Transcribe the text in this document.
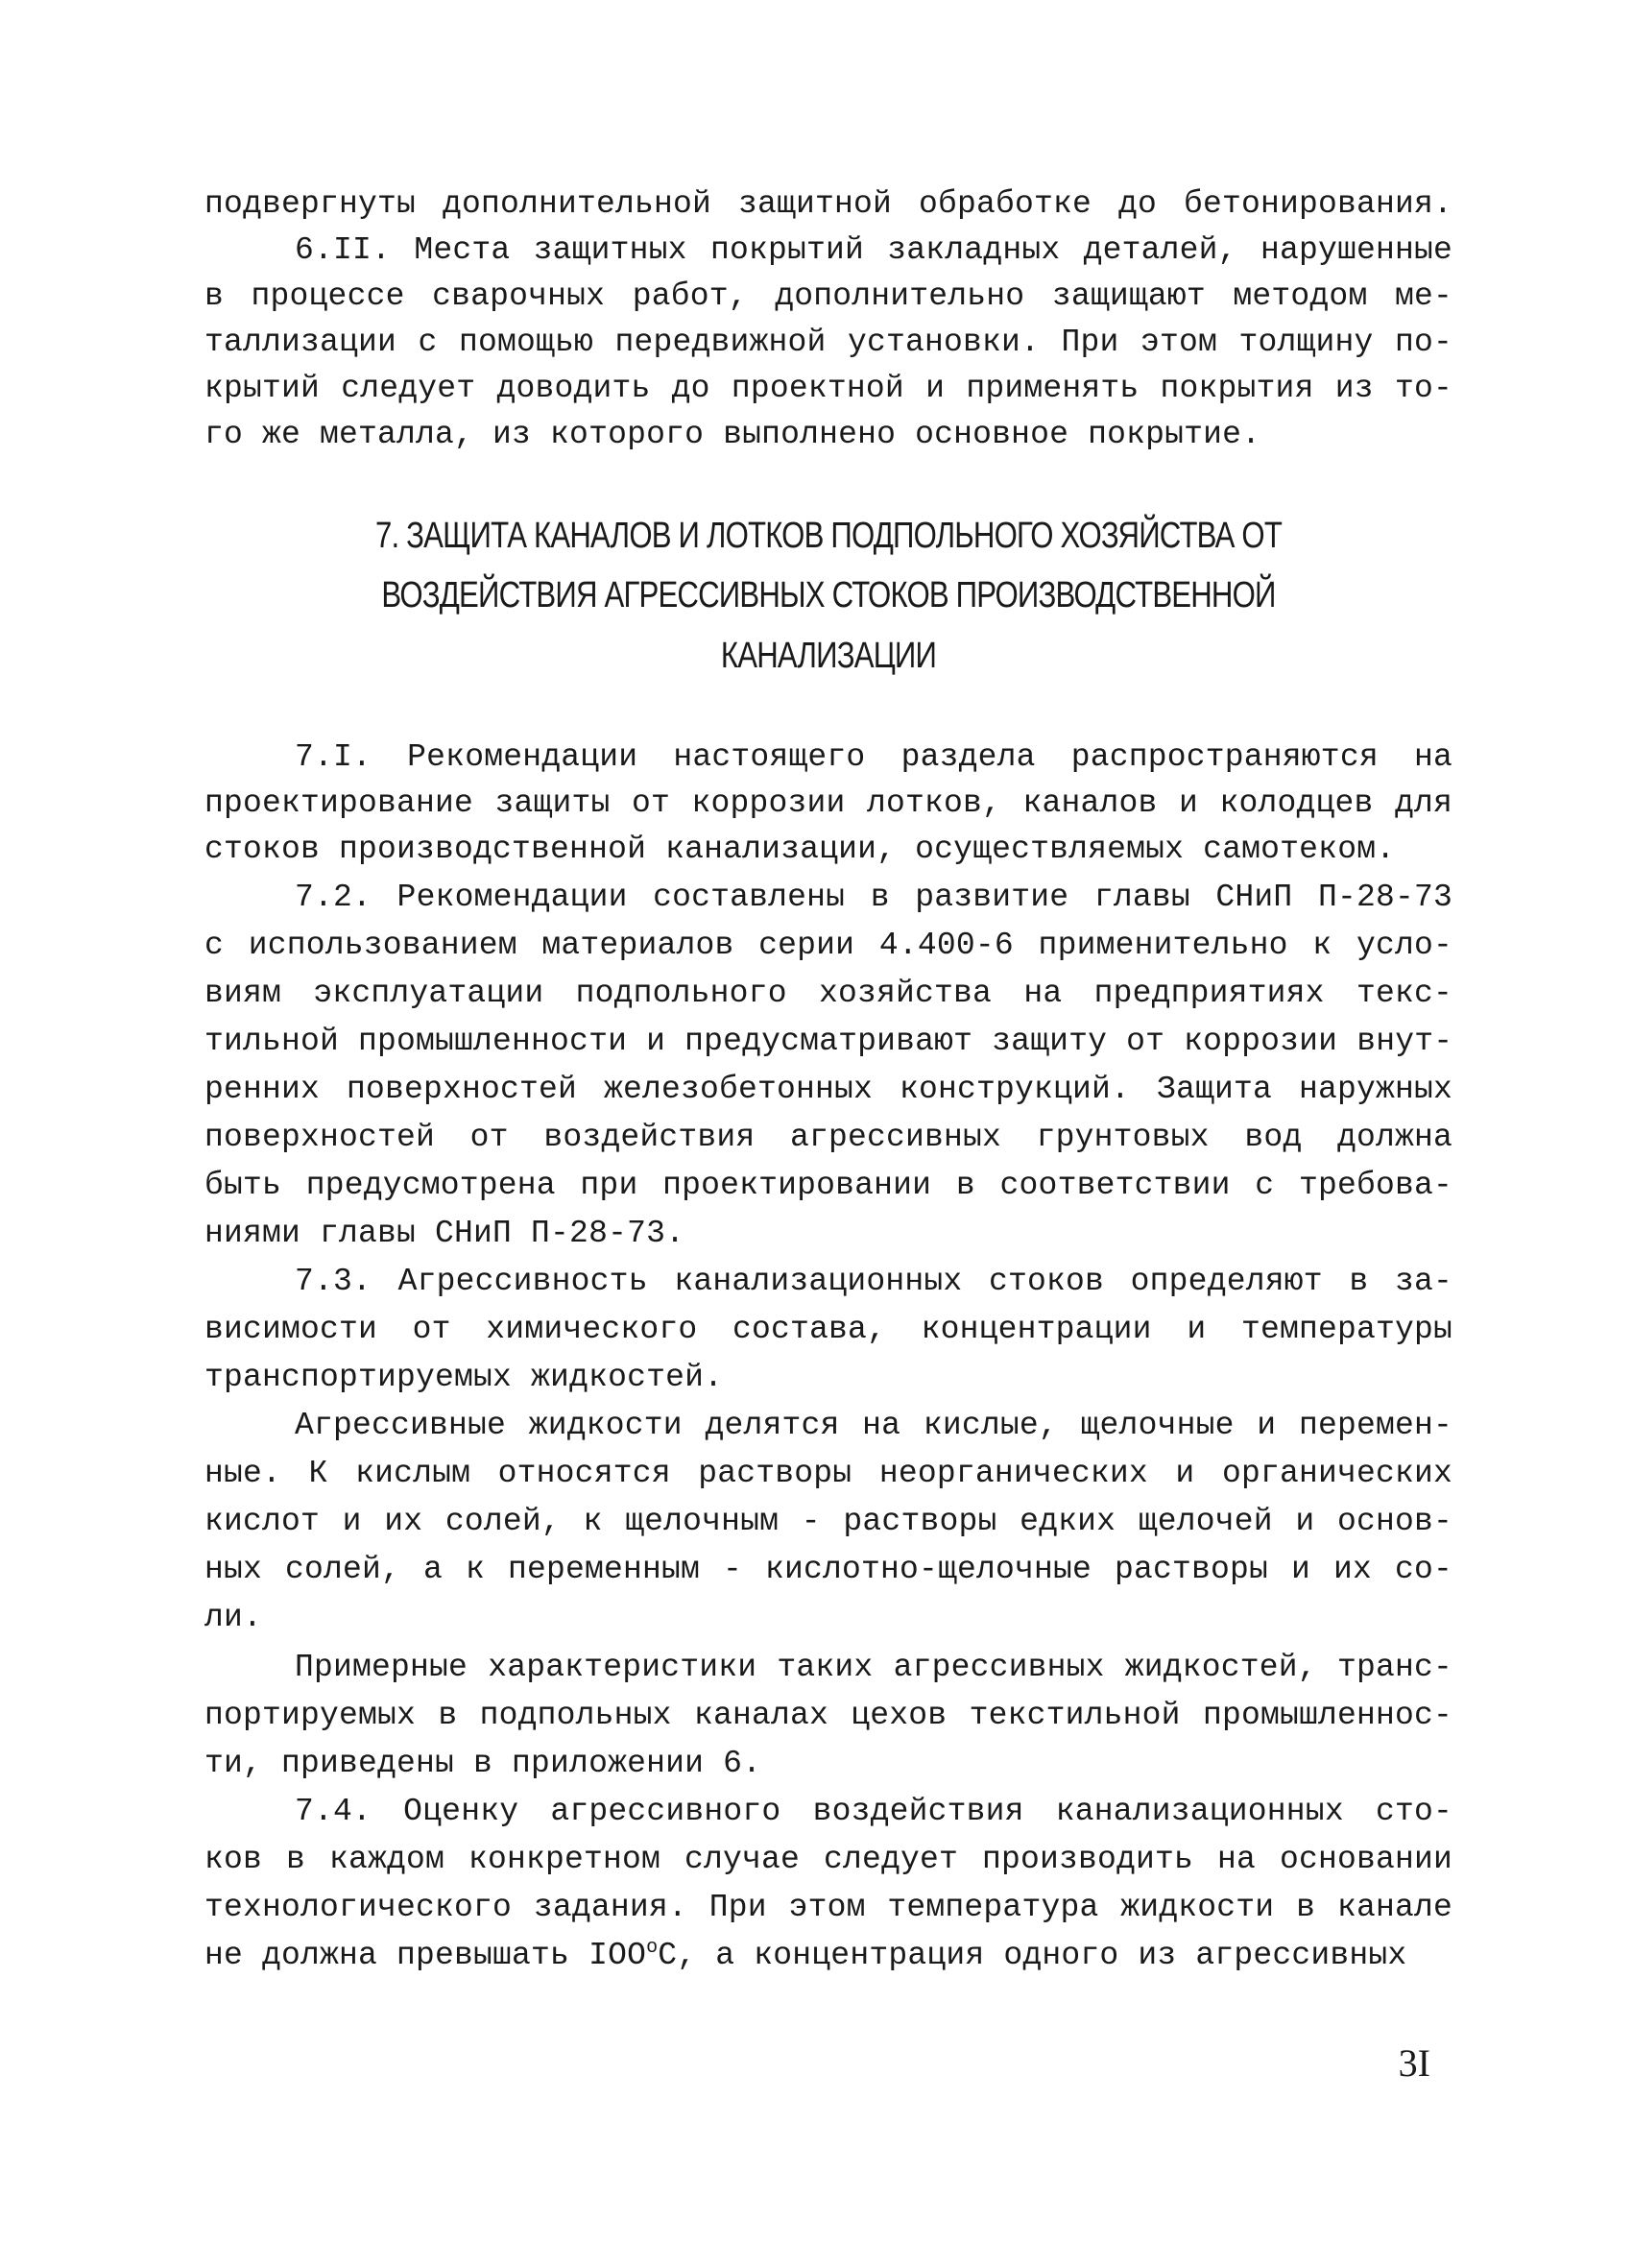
подвергнуты дополнительной защитной обработке до бетонирования.
6.II. Места защитных покрытий закладных деталей, нарушенные
в процессе сварочных работ, дополнительно защищают методом ме-
таллизации с помощью передвижной установки. При этом толщину по-
крытий следует доводить до проектной и применять покрытия из то-
го же металла, из которого выполнено основное покрытие.
7. ЗАЩИТА КАНАЛОВ И ЛОТКОВ ПОДПОЛЬНОГО ХОЗЯЙСТВА ОТ
ВОЗДЕЙСТВИЯ АГРЕССИВНЫХ СТОКОВ ПРОИЗВОДСТВЕННОЙ
КАНАЛИЗАЦИИ
7.I. Рекомендации настоящего раздела распространяются на
проектирование защиты от коррозии лотков, каналов и колодцев для
стоков производственной канализации, осуществляемых самотеком.
7.2. Рекомендации составлены в развитие главы СНиП П-28-73
с использованием материалов серии 4.400-6 применительно к усло-
виям эксплуатации подпольного хозяйства на предприятиях текс-
тильной промышленности и предусматривают защиту от коррозии внут-
ренних поверхностей железобетонных конструкций. Защита наружных
поверхностей от воздействия агрессивных грунтовых вод должна
быть предусмотрена при проектировании в соответствии с требова-
ниями главы СНиП П-28-73.
7.3. Агрессивность канализационных стоков определяют в за-
висимости от химического состава, концентрации и температуры
транспортируемых жидкостей.
Агрессивные жидкости делятся на кислые, щелочные и перемен-
ные. К кислым относятся растворы неорганических и органических
кислот и их солей, к щелочным - растворы едких щелочей и основ-
ных солей, а к переменным - кислотно-щелочные растворы и их со-
ли.
Примерные характеристики таких агрессивных жидкостей, транс-
портируемых в подпольных каналах цехов текстильной промышленнос-
ти, приведены в приложении 6.
7.4. Оценку агрессивного воздействия канализационных сто-
ков в каждом конкретном случае следует производить на основании
технологического задания. При этом температура жидкости в канале
не должна превышать IOO$^o$C, а концентрация одного из агрессивных
3I
